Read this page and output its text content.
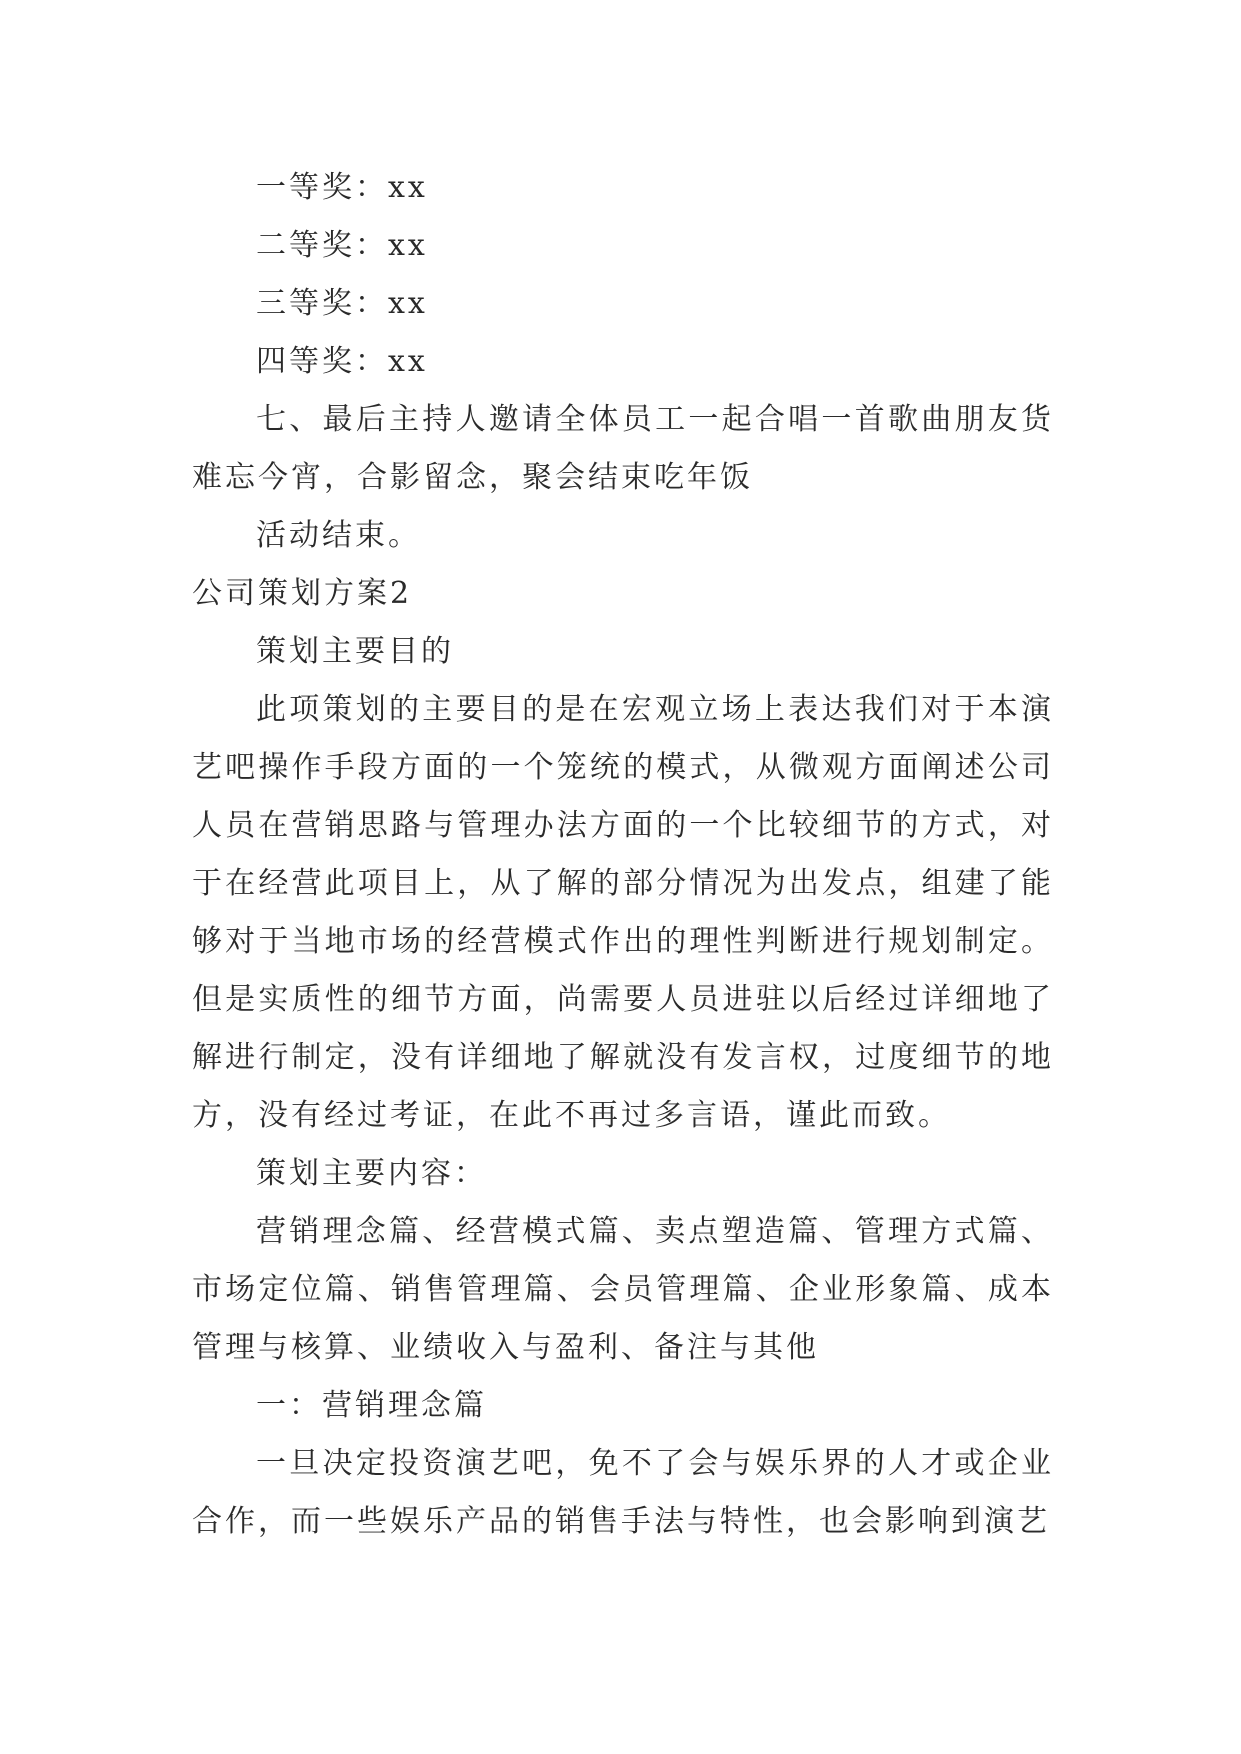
一等奖：xx

二等奖：xx

三等奖：xx

四等奖：xx

七、最后主持人邀请全体员工一起合唱一首歌曲朋友货难忘今宵，合影留念，聚会结束吃年饭

活动结束。

公司策划方案2

策划主要目的

此项策划的主要目的是在宏观立场上表达我们对于本演艺吧操作手段方面的一个笼统的模式，从微观方面阐述公司人员在营销思路与管理办法方面的一个比较细节的方式，对于在经营此项目上，从了解的部分情况为出发点，组建了能够对于当地市场的经营模式作出的理性判断进行规划制定。但是实质性的细节方面，尚需要人员进驻以后经过详细地了解进行制定，没有详细地了解就没有发言权，过度细节的地方，没有经过考证，在此不再过多言语，谨此而致。

策划主要内容：

营销理念篇、经营模式篇、卖点塑造篇、管理方式篇、市场定位篇、销售管理篇、会员管理篇、企业形象篇、成本管理与核算、业绩收入与盈利、备注与其他

一：营销理念篇

一旦决定投资演艺吧，免不了会与娱乐界的人才或企业合作，而一些娱乐产品的销售手法与特性，也会影响到演艺
